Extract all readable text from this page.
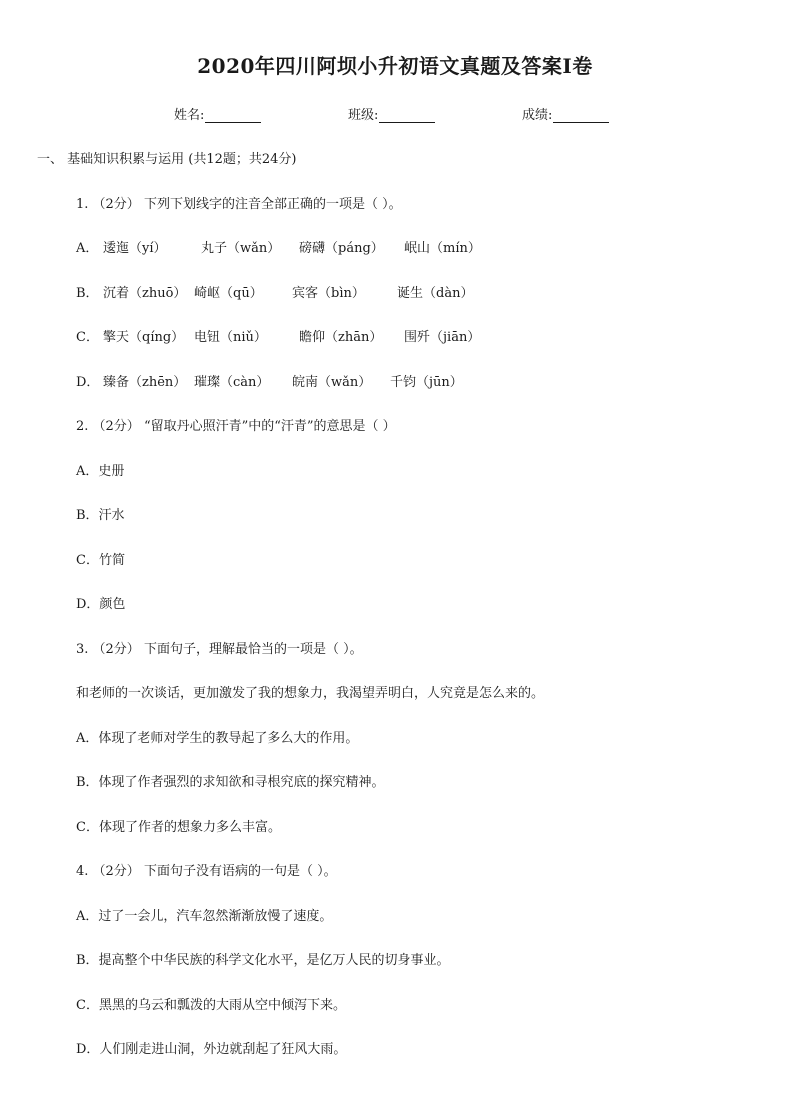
2020年四川阿坝小升初语文真题及答案Ⅰ卷
姓名:	班级:	成绩:
一、 基础知识积累与运用 (共12题；共24分)
1. （2分） 下列下划线字的注音全部正确的一项是（ ）。
A． 逶迤（yí）	丸子（wǎn） 磅礴（páng） 岷山（mín）
B． 沉着（zhuō） 崎岖（qū） 宾客（bìn） 诞生（dàn）
C． 擎天（qíng） 电钮（niǔ） 瞻仰（zhān） 围歼（jiān）
D． 臻备（zhēn） 璀璨（càn） 皖南（wǎn） 千钧（jūn）
2. （2分） “留取丹心照汗青”中的“汗青”的意思是（ ）
A．史册
B．汗水
C．竹简
D．颜色
3. （2分） 下面句子，理解最恰当的一项是（ ）。
和老师的一次谈话，更加激发了我的想象力，我渴望弄明白，人究竟是怎么来的。
A．体现了老师对学生的教导起了多么大的作用。
B．体现了作者强烈的求知欲和寻根究底的探究精神。
C．体现了作者的想象力多么丰富。
4. （2分） 下面句子没有语病的一句是（ ）。
A．过了一会儿，汽车忽然渐渐放慢了速度。
B．提高整个中华民族的科学文化水平，是亿万人民的切身事业。
C．黑黑的乌云和瓢泼的大雨从空中倾泻下来。
D．人们刚走进山洞，外边就刮起了狂风大雨。
